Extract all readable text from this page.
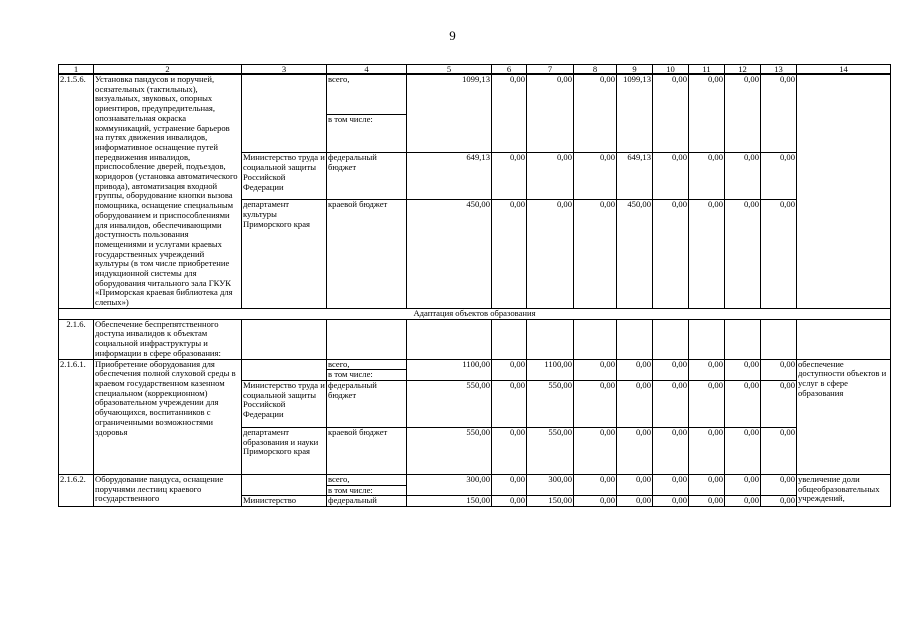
9
1	2	3	4	5	6	7	8	9	10	11	12	13	14
2.1.5.6.	Установка пандусов и поручней, осязательных (тактильных), визуальных, звуковых, опорных ориентиров, предупредительная, опознавательная окраска коммуникаций, устранение барьеров на путях движения инвалидов, информативное оснащение путей передвижения инвалидов, приспособление дверей, подъездов, коридоров (установка автоматического привода), автоматизация входной группы, оборудование кнопки вызова помощника, оснащение специальным оборудованием и приспособлениями для инвалидов, обеспечивающими доступность пользования помещениями и услугами краевых государственных учреждений культуры (в том числе приобретение индукционной системы для оборудования читального зала ГКУК «Приморская краевая библиотека для слепых»)		всего,	1099,13	0,00	0,00	0,00	1099,13	0,00	0,00	0,00	0,00	
			в том числе:										
		Министерство труда и социальной защиты Российской Федерации	федеральный бюджет	649,13	0,00	0,00	0,00	649,13	0,00	0,00	0,00	0,00	
		департамент культуры Приморского края	краевой бюджет	450,00	0,00	0,00	0,00	450,00	0,00	0,00	0,00	0,00	
Адаптация объектов образования													
2.1.6.	Обеспечение беспрепятственного доступа инвалидов к объектам социальной инфраструктуры и информации в сфере образования:												
2.1.6.1.	Приобретение оборудования для обеспечения полной слуховой среды в краевом государственном казенном специальном (коррекционном) образовательном учреждении для обучающихся, воспитанников с ограниченными возможностями здоровья		всего,	1100,00	0,00	1100,00	0,00	0,00	0,00	0,00	0,00	0,00	обеспечение доступности объектов и услуг в сфере образования
			в том числе:										
		Министерство труда и социальной защиты Российской Федерации	федеральный бюджет	550,00	0,00	550,00	0,00	0,00	0,00	0,00	0,00	0,00	
		департамент образования и науки Приморского края	краевой бюджет	550,00	0,00	550,00	0,00	0,00	0,00	0,00	0,00	0,00	
2.1.6.2.	Оборудование пандуса, оснащение поручнями лестниц краевого государственного		всего,	300,00	0,00	300,00	0,00	0,00	0,00	0,00	0,00	0,00	увеличение доли общеобразовательных учреждений,
			в том числе:										
		Министерство	федеральный	150,00	0,00	150,00	0,00	0,00	0,00	0,00	0,00	0,00	
